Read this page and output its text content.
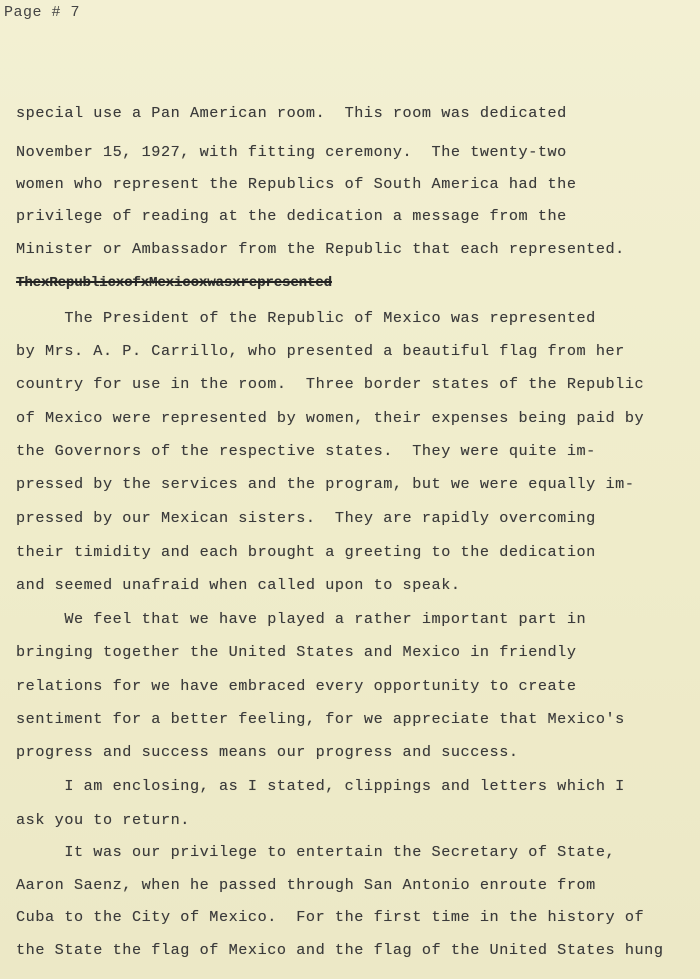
Page # 7
special use a Pan American room.  This room was dedicated
November 15, 1927, with fitting ceremony.  The twenty-two
women who represent the Republics of South America had the
privilege of reading at the dedication a message from the
Minister or Ambassador from the Republic that each represented.
ThexRepublicxofxMexicoxwasxrepresented
The President of the Republic of Mexico was represented
by Mrs. A. P. Carrillo, who presented a beautiful flag from her
country for use in the room.  Three border states of the Republic
of Mexico were represented by women, their expenses being paid by
the Governors of the respective states.  They were quite im-
pressed by the services and the program, but we were equally im-
pressed by our Mexican sisters.  They are rapidly overcoming
their timidity and each brought a greeting to the dedication
and seemed unafraid when called upon to speak.
We feel that we have played a rather important part in
bringing together the United States and Mexico in friendly
relations for we have embraced every opportunity to create
sentiment for a better feeling, for we appreciate that Mexico's
progress and success means our progress and success.
I am enclosing, as I stated, clippings and letters which I
ask you to return.
It was our privilege to entertain the Secretary of State,
Aaron Saenz, when he passed through San Antonio enroute from
Cuba to the City of Mexico.  For the first time in the history of
the State the flag of Mexico and the flag of the United States hung
